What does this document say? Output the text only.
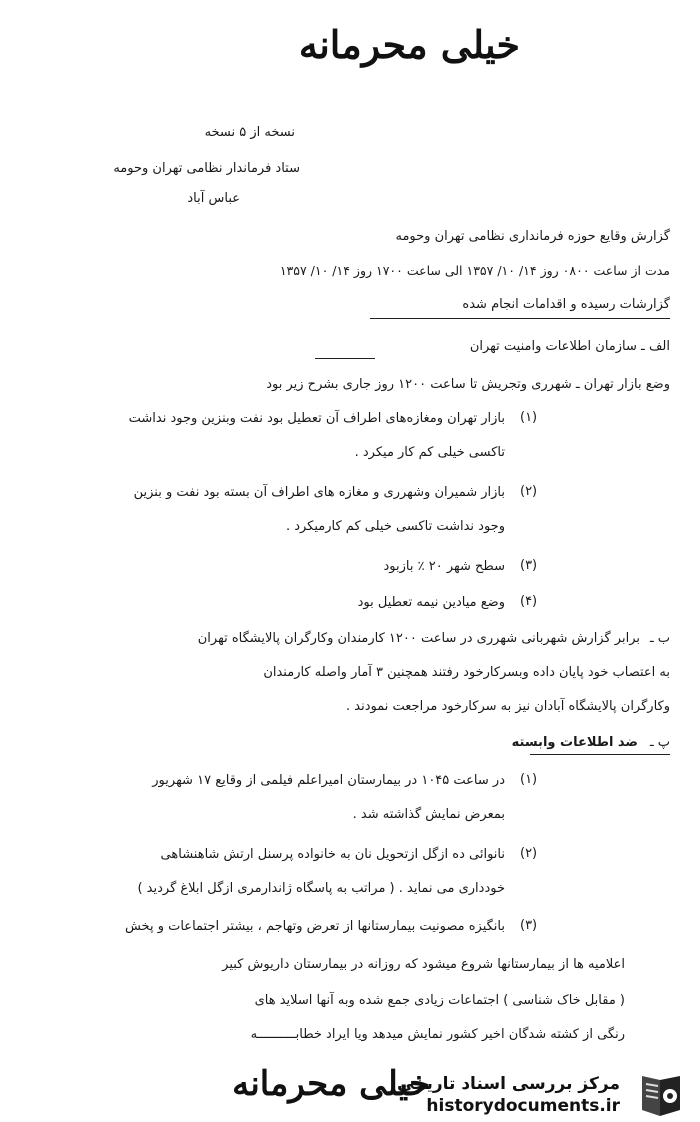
خیلی محرمانه
نسخه از ۵ نسخه
ستاد فرماندار نظامی تهران وحومه
عباس آباد
گزارش وقایع حوزه فرمانداری نظامی تهران وحومه
مدت از ساعت ۰۸۰۰ روز ۱۴/ ۱۰/ ۱۳۵۷ الی ساعت ۱۷۰۰ روز ۱۴/ ۱۰/ ۱۳۵۷
گزارشات رسیده و اقدامات انجام شده
الف ـ سازمان اطلاعات وامنیت تهران
وضع بازار تهران ـ شهرری وتجریش تا ساعت ۱۲۰۰ روز جاری بشرح زیر بود
(۱)
بازار تهران ومغازه‌های اطراف آن تعطیل بود نفت وبنزین وجود نداشت
تاکسی خیلی کم کار میکرد .
(۲)
بازار شمیران وشهرری و مغازه های اطراف آن بسته بود نفت و بنزین
وجود نداشت تاکسی خیلی کم کارمیکرد .
(۳)
سطح شهر ۲۰ ٪ بازبود
(۴)
وضع میادین نیمه تعطیل بود
ب ـ
برابر گزارش شهربانی شهرری در ساعت ۱۲۰۰ کارمندان وکارگران پالایشگاه تهران
به اعتصاب خود پایان داده وبسرکارخود رفتند همچنین ۳ آمار واصله کارمندان
وکارگران پالایشگاه آبادان نیز به سرکارخود مراجعت نمودند .
پ ـ
ضد اطلاعات وابسته
(۱)
در ساعت ۱۰۴۵ در بیمارستان امیراعلم فیلمی از وقایع ۱۷ شهریور
بمعرض نمایش گذاشته شد .
(۲)
نانوائی ده ازگل ازتحویل نان به خانواده پرسنل ارتش شاهنشاهی
خودداری می نماید . ( مراتب به پاسگاه ژاندارمری ازگل ابلاغ گردید )
(۳)
بانگیزه مصونیت بیمارستانها از تعرض وتهاجم ، بیشتر اجتماعات و پخش
اعلامیه ها از بیمارستانها شروع میشود که روزانه در بیمارستان داریوش کبیر
( مقابل خاک شناسی ) اجتماعات زیادی جمع شده وبه آنها اسلاید های
رنگی از کشته شدگان اخیر کشور نمایش میدهد ویا ایراد خطابــــــــــه
خیلی محرمانه
مرکز بررسی اسناد تاریخی
historydocuments.ir
